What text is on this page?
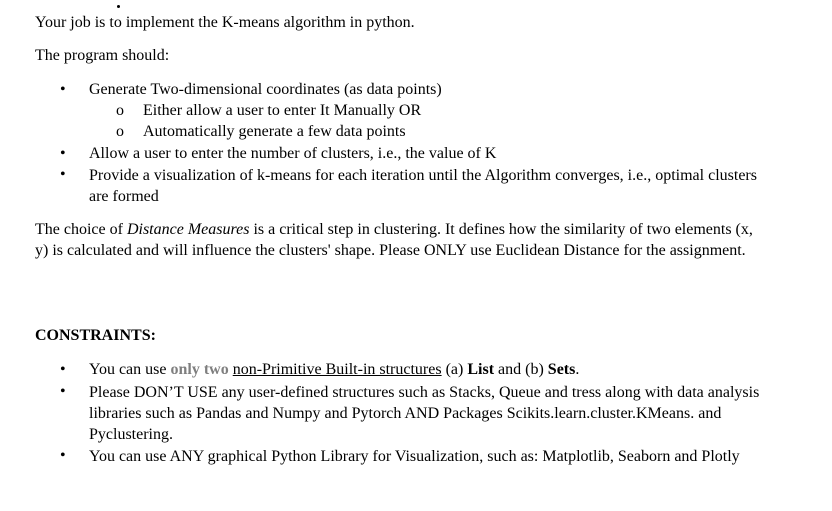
Your job is to implement the K-means algorithm in python.

The program should:

• Generate Two-dimensional coordinates (as data points)
o Either allow a user to enter It Manually OR
o Automatically generate a few data points
• Allow a user to enter the number of clusters, i.e., the value of K
• Provide a visualization of k-means for each iteration until the Algorithm converges, i.e., optimal clusters are formed

The choice of Distance Measures is a critical step in clustering. It defines how the similarity of two elements (x, y) is calculated and will influence the clusters' shape. Please ONLY use Euclidean Distance for the assignment.

CONSTRAINTS:

• You can use only two non-Primitive Built-in structures (a) List and (b) Sets.
• Please DON’T USE any user-defined structures such as Stacks, Queue and tress along with data analysis libraries such as Pandas and Numpy and Pytorch AND Packages Scikits.learn.cluster.KMeans. and Pyclustering.
• You can use ANY graphical Python Library for Visualization, such as: Matplotlib, Seaborn and Plotly
